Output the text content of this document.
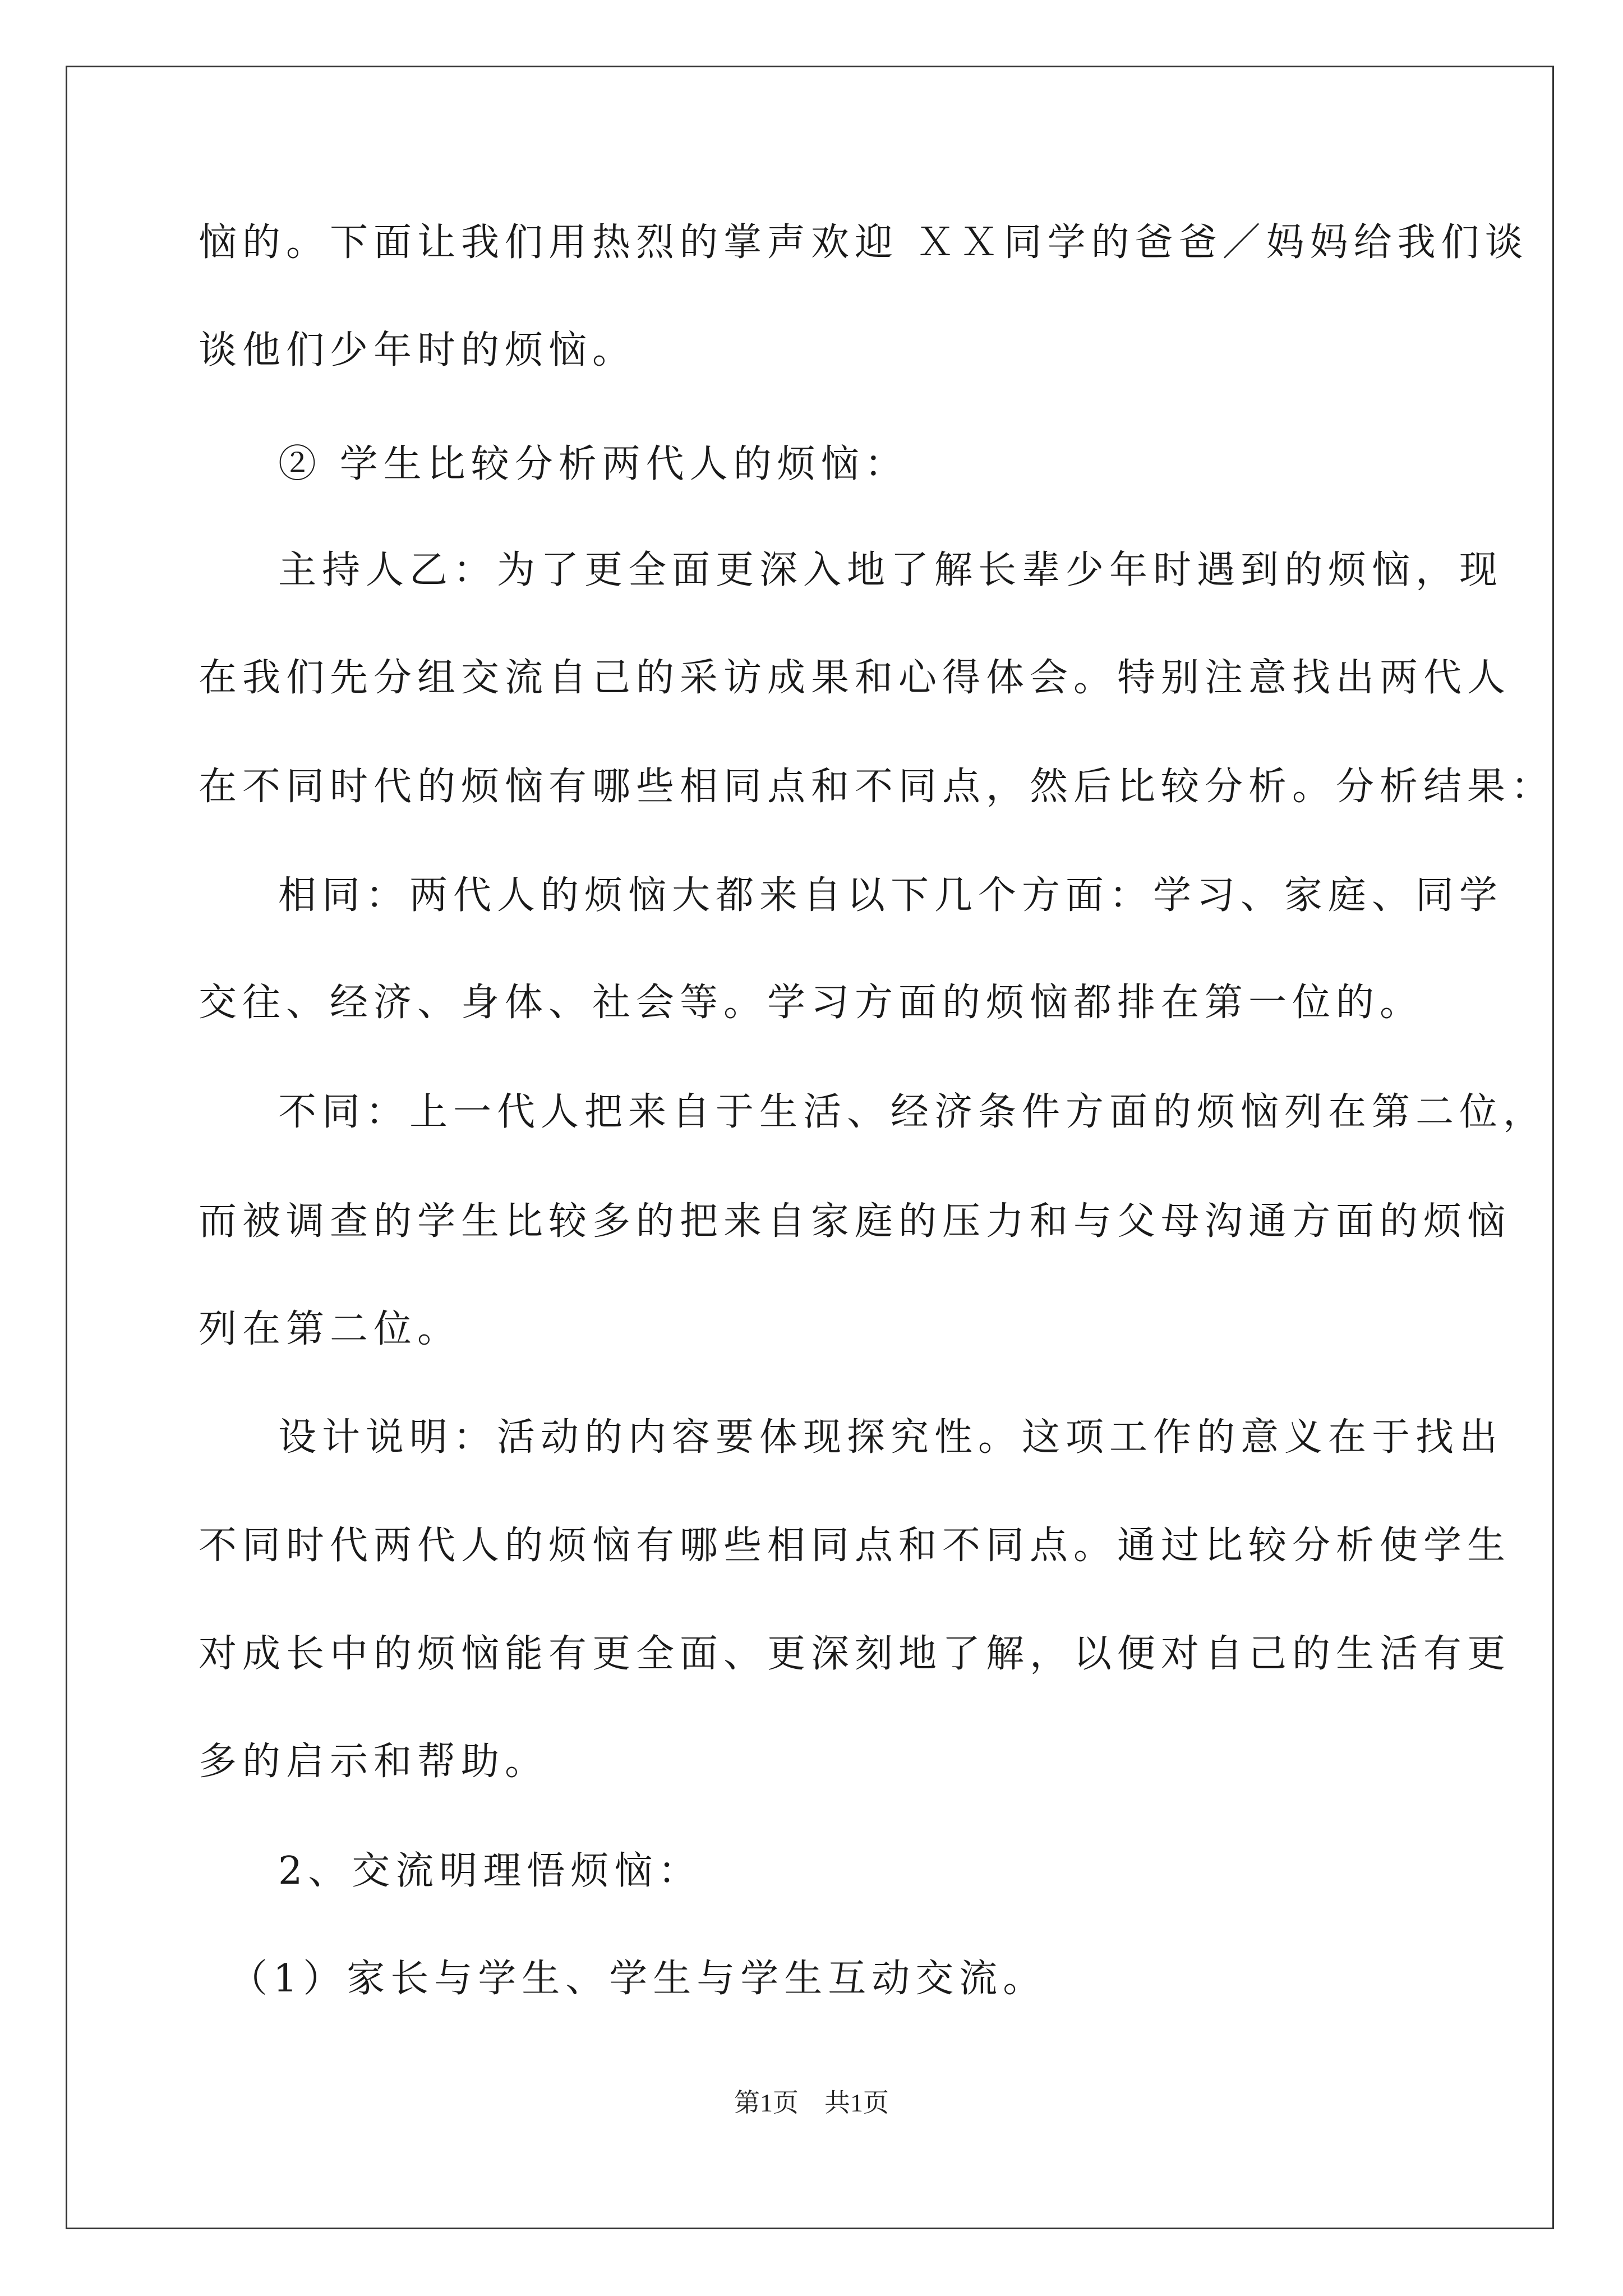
恼的。下面让我们用热烈的掌声欢迎 ＸＸ同学的爸爸／妈妈给我们谈
谈他们少年时的烦恼。
② 学生比较分析两代人的烦恼：
主持人乙：为了更全面更深入地了解长辈少年时遇到的烦恼，现
在我们先分组交流自己的采访成果和心得体会。特别注意找出两代人
在不同时代的烦恼有哪些相同点和不同点，然后比较分析。分析结果：
相同：两代人的烦恼大都来自以下几个方面：学习、家庭、同学
交往、经济、身体、社会等。学习方面的烦恼都排在第一位的。
不同：上一代人把来自于生活、经济条件方面的烦恼列在第二位，
而被调查的学生比较多的把来自家庭的压力和与父母沟通方面的烦恼
列在第二位。
设计说明：活动的内容要体现探究性。这项工作的意义在于找出
不同时代两代人的烦恼有哪些相同点和不同点。通过比较分析使学生
对成长中的烦恼能有更全面、更深刻地了解，以便对自己的生活有更
多的启示和帮助。
2、交流明理悟烦恼：
（1）家长与学生、学生与学生互动交流。
第1页　共1页
